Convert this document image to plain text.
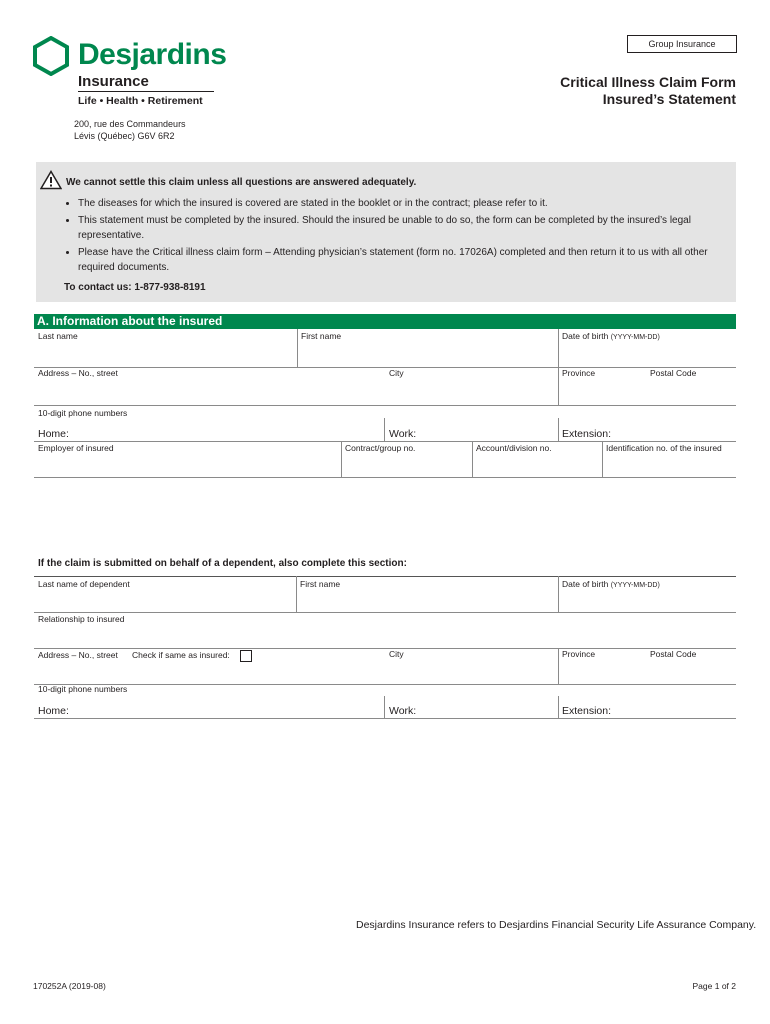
Desjardins
Insurance
Life • Health • Retirement
200, rue des Commandeurs
Lévis (Québec) G6V 6R2
Group Insurance
Critical Illness Claim Form
Insured’s Statement
We cannot settle this claim unless all questions are answered adequately.
• The diseases for which the insured is covered are stated in the booklet or in the contract; please refer to it.
• This statement must be completed by the insured. Should the insured be unable to do so, the form can be completed by the insured’s legal representative.
• Please have the Critical illness claim form – Attending physician’s statement (form no. 17026A) completed and then return it to us with all other required documents.
To contact us: 1-877-938-8191
A. Information about the insured
Last name	First name	Date of birth (YYYY-MM-DD)
Address – No., street	City	Province	Postal Code
10-digit phone numbers
Home:	Work:	Extension:
Employer of insured	Contract/group no.	Account/division no.	Identification no. of the insured
If the claim is submitted on behalf of a dependent, also complete this section:
Last name of dependent	First name	Date of birth (YYYY-MM-DD)
Relationship to insured
Address – No., street Check if same as insured:	City	Province	Postal Code
10-digit phone numbers
Home:	Work:	Extension:
Desjardins Insurance refers to Desjardins Financial Security Life Assurance Company.
170252A (2019-08)	Page 1 of 2
